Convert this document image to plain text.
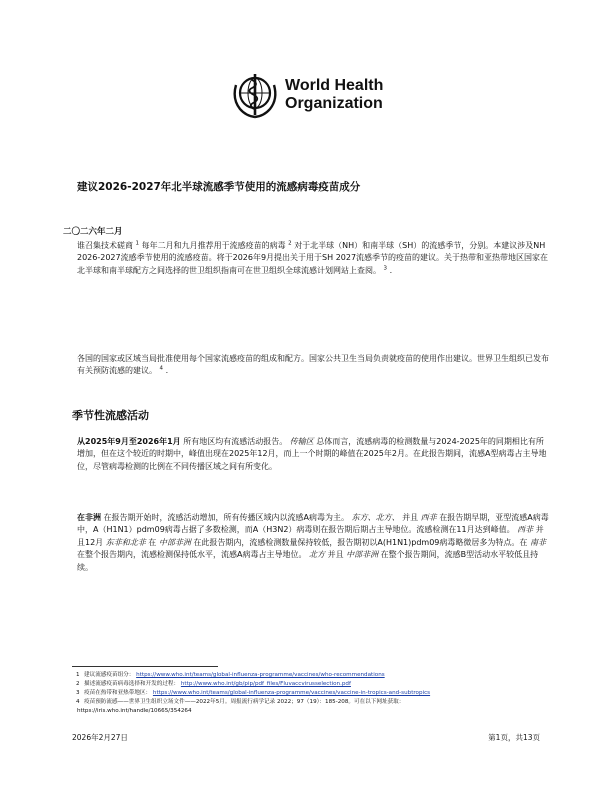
World Health
Organization
建议2026-2027年北半球流感季节使用的流感病毒疫苗成分
二〇二六年二月

谁召集技术磋商 $^1$ 每年二月和九月推荐用于流感疫苗的病毒 $^2$ 对于北半球（NH）和南半球（SH）的流感季节，分别。本建议涉及NH 2026-2027流感季节使用的流感疫苗。将于2026年9月提出关于用于SH 2027流感季节的疫苗的建议。关于热带和亚热带地区国家在北半球和南半球配方之间选择的世卫组织指南可在世卫组织全球流感计划网站上查阅。 $^3$ .

各国的国家或区域当局批准使用每个国家流感疫苗的组成和配方。国家公共卫生当局负责就疫苗的使用作出建议。世界卫生组织已发布有关预防流感的建议。 $^4$ .

季节性流感活动

从2025年9月至2026年1月 所有地区均有流感活动报告。 传输区 总体而言，流感病毒的检测数量与2024-2025年的同期相比有所增加，但在这个较近的时期中，峰值出现在2025年12月，而上一个时期的峰值在2025年2月。在此报告期间，流感A型病毒占主导地位，尽管病毒检测的比例在不同传播区域之间有所变化。

在非洲 在报告期开始时，流感活动增加，所有传播区域内以流感A病毒为主。 东方、北方、 并且 西非 在报告期早期，亚型流感A病毒中，A（H1N1）pdm09病毒占据了多数检测，而A（H3N2）病毒则在报告期后期占主导地位。流感检测在11月达到峰值。 西非 并且12月 东非和北非 在 中部非洲 在此报告期内，流感检测数量保持较低，报告期初以A(H1N1)pdm09病毒略微居多为特点。在 南非 在整个报告期内，流感检测保持低水平，流感A病毒占主导地位。 北方 并且 中部非洲 在整个报告期间，流感B型活动水平较低且持续。

1 建议流感疫苗组分： https://www.who.int/teams/global-influenza-programme/vaccines/who-recommendations

2 描述流感疫苗病毒选择和开发的过程： http://www.who.int/gb/pip/pdf_files/Fluvaccvirusselection.pdf

3 疫苗在热带和亚热带地区： https://www.who.int/teams/global-influenza-programme/vaccines/vaccine-in-tropics-and-subtropics

4 疫苗预防流感——世界卫生组织立场文件——2022年5月。周报流行病学记录 2022；97（19）：185-208。可在以下网址获取：

https://iris.who.int/handle/10665/354264

2026年2月27日	第1页，共13页
